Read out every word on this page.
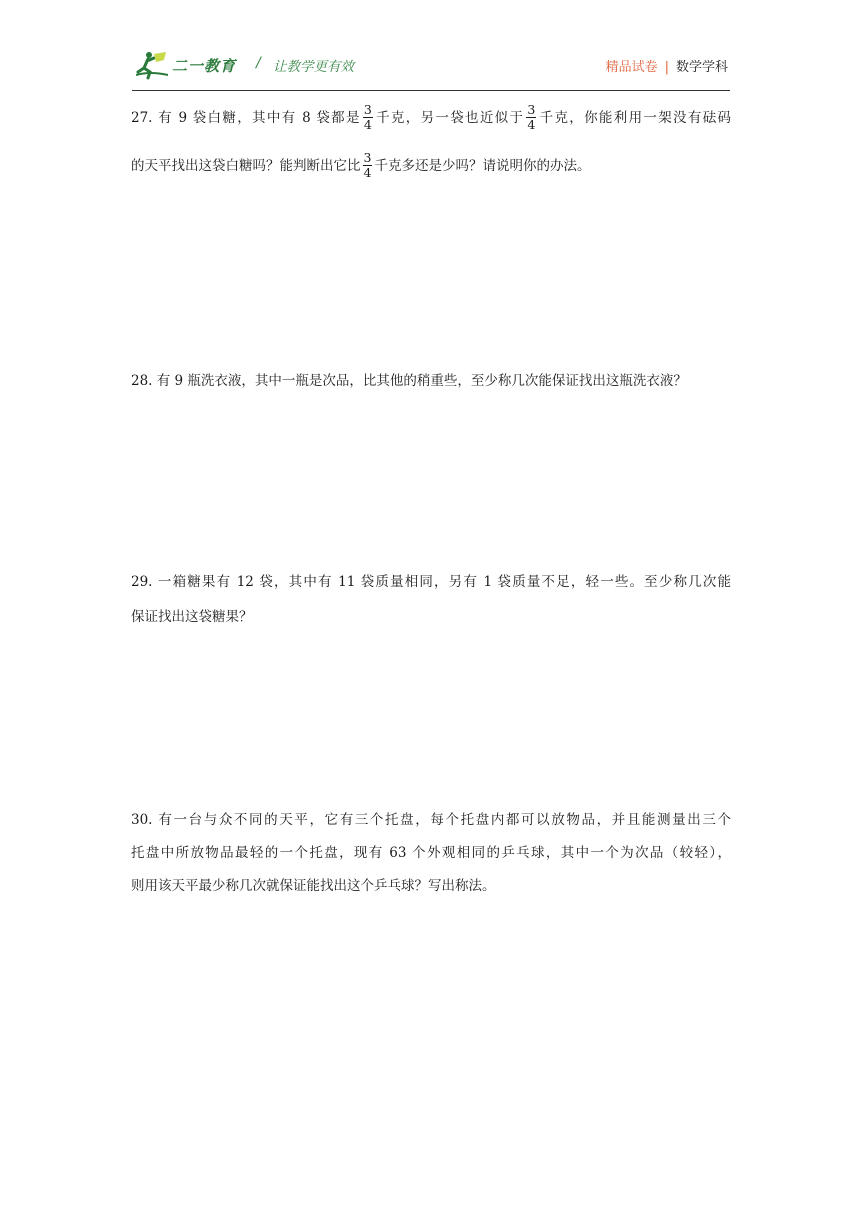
二一教育 / 让教学更有效	精品试卷 | 数学学科
27. 有 9 袋白糖，其中有 8 袋都是 $\frac{3}{4}$ 千克，另一袋也近似于 $\frac{3}{4}$ 千克，你能利用一架没有砝码
的天平找出这袋白糖吗？能判断出它比 $\frac{3}{4}$ 千克多还是少吗？请说明你的办法。
28. 有 9 瓶洗衣液，其中一瓶是次品，比其他的稍重些，至少称几次能保证找出这瓶洗衣液？
29. 一箱糖果有 12 袋，其中有 11 袋质量相同，另有 1 袋质量不足，轻一些。至少称几次能
保证找出这袋糖果？
30. 有一台与众不同的天平，它有三个托盘，每个托盘内都可以放物品，并且能测量出三个
托盘中所放物品最轻的一个托盘，现有 63 个外观相同的乒乓球，其中一个为次品（较轻），
则用该天平最少称几次就保证能找出这个乒乓球？写出称法。
